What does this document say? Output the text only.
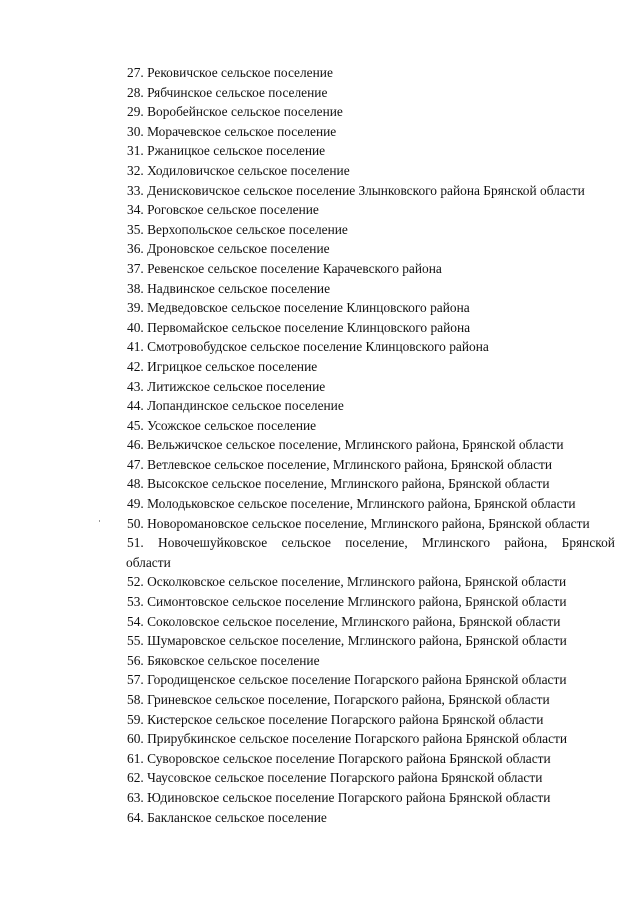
27. Рековичское сельское поселение
28. Рябчинское сельское поселение
29. Воробейнское сельское поселение
30. Морачевское сельское поселение
31. Ржаницкое сельское поселение
32. Ходиловичское сельское поселение
33. Денисковичское сельское поселение Злынковского района Брянской области
34. Роговское сельское поселение
35. Верхопольское сельское поселение
36. Дроновское сельское поселение
37. Ревенское сельское поселение Карачевского района
38. Надвинское сельское поселение
39. Медведовское сельское поселение Клинцовского района
40. Первомайское сельское поселение Клинцовского района
41. Смотровобудское сельское поселение Клинцовского района
42. Игрицкое сельское поселение
43. Литижское сельское поселение
44. Лопандинское сельское поселение
45. Усожское сельское поселение
46. Вельжичское сельское поселение, Мглинского района, Брянской области
47. Ветлевское сельское поселение, Мглинского района, Брянской области
48. Высокское сельское поселение, Мглинского района, Брянской области
49. Молодьковское сельское поселение, Мглинского района, Брянской области
50. Новоромановское сельское поселение, Мглинского района, Брянской области
51. Новочешуйковское сельское поселение, Мглинского района, Брянской
области
52. Осколковское сельское поселение, Мглинского района, Брянской области
53. Симонтовское сельское поселение Мглинского района, Брянской области
54. Соколовское сельское поселение, Мглинского района, Брянской области
55. Шумаровское сельское поселение, Мглинского района, Брянской области
56. Бяковское сельское поселение
57. Городищенское сельское поселение Погарского района Брянской области
58. Гриневское сельское поселение, Погарского района, Брянской области
59. Кистерское сельское поселение Погарского района Брянской области
60. Прирубкинское сельское поселение Погарского района Брянской области
61. Суворовское сельское поселение Погарского района Брянской области
62. Чаусовское сельское поселение Погарского района Брянской области
63. Юдиновское сельское поселение Погарского района Брянской области
64. Бакланское сельское поселение
